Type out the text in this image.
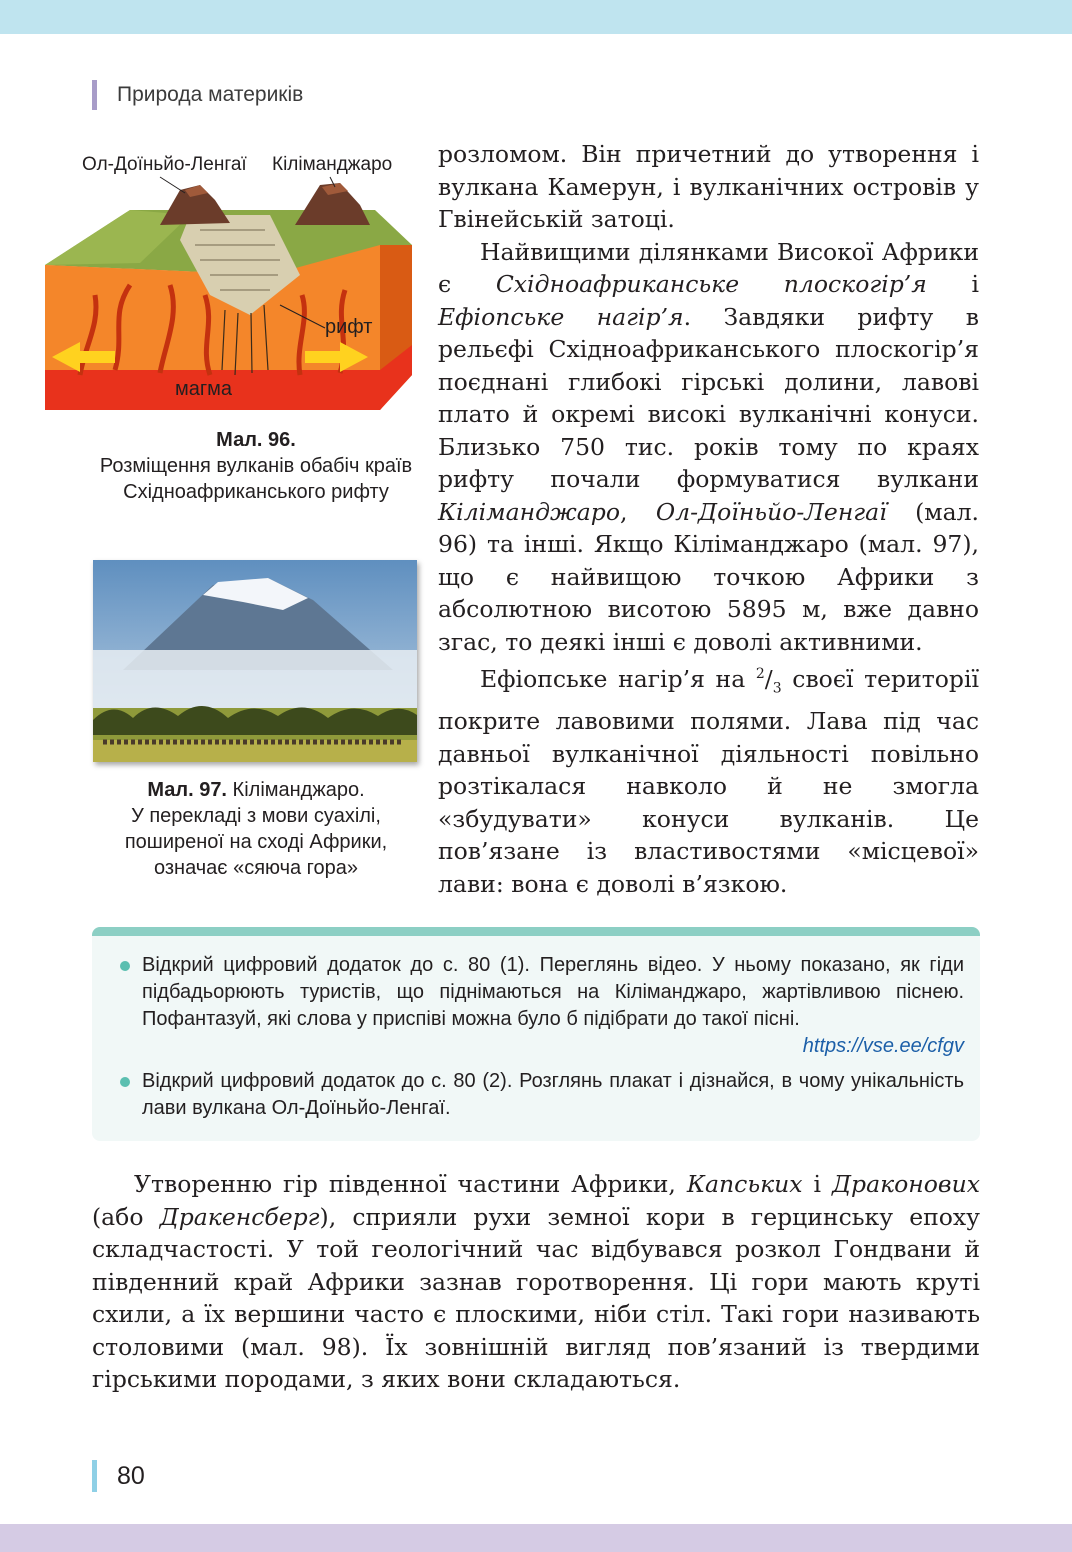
Природа материків
Ол-Доїньйо-Ленгаї Кіліманджаро
рифт
магма
Мал. 96.
Розміщення вулканів обабіч країв Східноафриканського рифту
Мал. 97. Кіліманджаро.
У перекладі з мови суахілі, поширеної на сході Африки, означає «сяюча гора»

розломом. Він причетний до утворення і вулкана Камерун, і вулканічних островів у Гвінейській затоці.

Найвищими ділянками Високої Африки є Східноафриканське плоскогір’я і Ефіопське нагір’я. Завдяки рифту в рельєфі Східноафриканського плоскогір’я поєднані глибокі гірські долини, лавові плато й окремі високі вулканічні конуси. Близько 750 тис. років тому по краях рифту почали формуватися вулкани Кіліманджаро, Ол-Доїньйо-Ленгаї (мал. 96) та інші. Якщо Кіліманджаро (мал. 97), що є найвищою точкою Африки з абсолютною висотою 5895 м, вже давно згас, то деякі інші є доволі активними.

Ефіопське нагір’я на $^2/_3$ своєї території покрите лавовими полями. Лава під час давньої вулканічної діяльності повільно розтікалася навколо й не змогла «збудувати» конуси вулканів. Це пов’язане із властивостями «місцевої» лави: вона є доволі в’язкою.

Відкрий цифровий додаток до с. 80 (1). Переглянь відео. У ньому показано, як гіди підбадьорюють туристів, що піднімаються на Кіліманджаро, жартівливою піснею. Пофантазуй, які слова у приспіві можна було б підібрати до такої пісні.
https://vse.ee/cfgv
Відкрий цифровий додаток до с. 80 (2). Розглянь плакат і дізнайся, в чому унікальність лави вулкана Ол-Доїньйо-Ленгаї.

Утворенню гір південної частини Африки, Капських і Драконових (або Дракенсберг), сприяли рухи земної кори в герцинську епоху складчастості. У той геологічний час відбувався розкол Гондвани й південний край Африки зазнав горотворення. Ці гори мають круті схили, а їх вершини часто є плоскими, ніби стіл. Такі гори називають столовими (мал. 98). Їх зовнішній вигляд пов’язаний із твердими гірськими породами, з яких вони складаються.

80
